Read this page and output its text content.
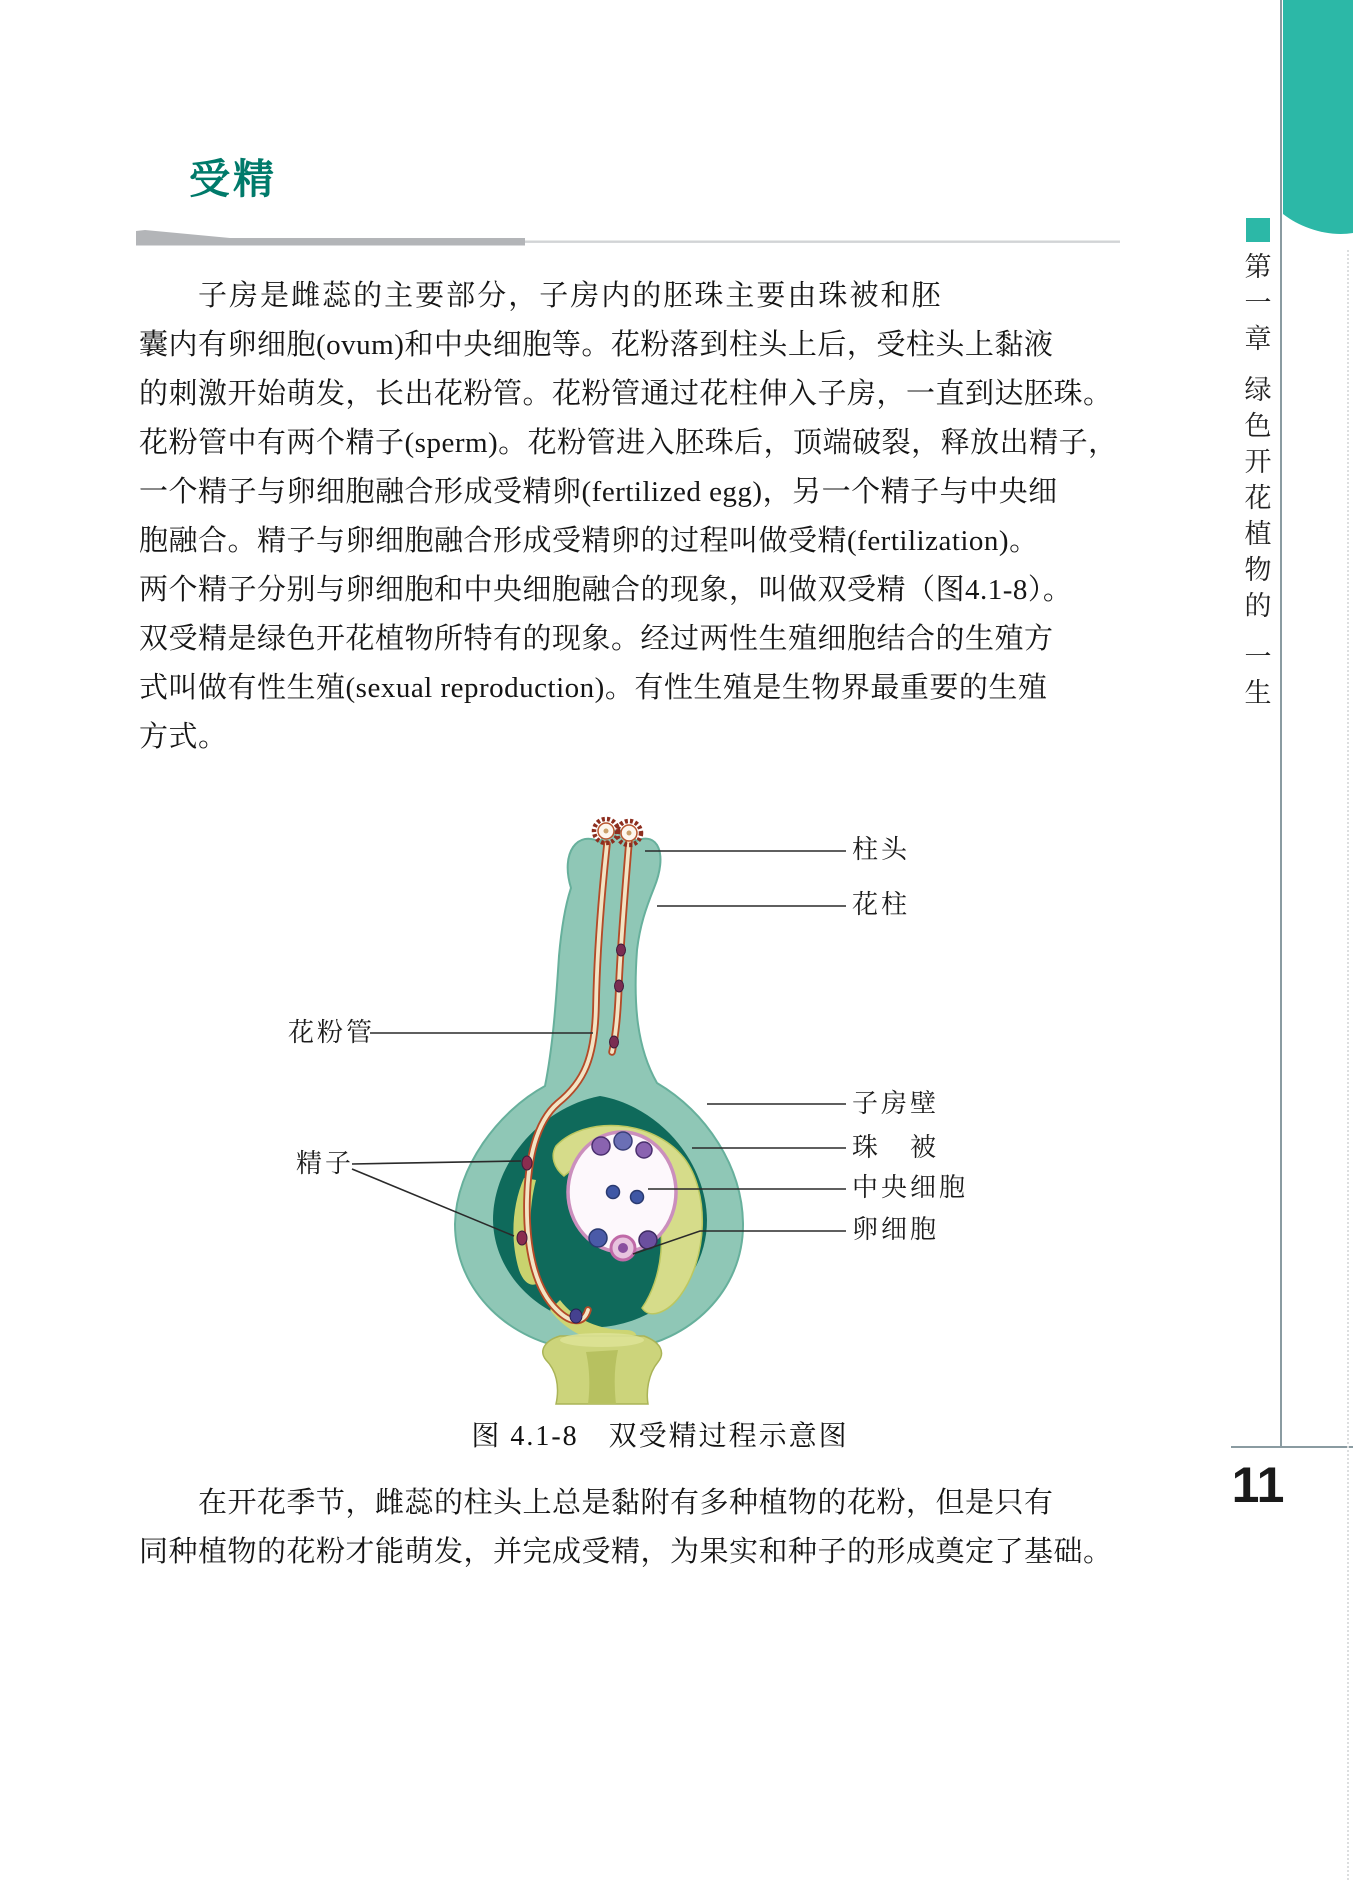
受精
子房是雌蕊的主要部分，子房内的胚珠主要由珠被和胚
囊内有卵细胞(ovum)和中央细胞等。花粉落到柱头上后，受柱头上黏液
的刺激开始萌发，长出花粉管。花粉管通过花柱伸入子房，一直到达胚珠。
花粉管中有两个精子(sperm)。花粉管进入胚珠后，顶端破裂，释放出精子，
一个精子与卵细胞融合形成受精卵(fertilized egg)，另一个精子与中央细
胞融合。精子与卵细胞融合形成受精卵的过程叫做受精(fertilization)。
两个精子分别与卵细胞和中央细胞融合的现象，叫做双受精（图4.1-8）。
双受精是绿色开花植物所特有的现象。经过两性生殖细胞结合的生殖方
式叫做有性生殖(sexual reproduction)。有性生殖是生物界最重要的生殖
方式。
柱头
花柱
子房壁
珠　被
中央细胞
卵细胞
花粉管
精子
图 4.1-8　双受精过程示意图
在开花季节，雌蕊的柱头上总是黏附有多种植物的花粉，但是只有
同种植物的花粉才能萌发，并完成受精，为果实和种子的形成奠定了基础。
第
一
章
绿
色
开
花
植
物
的
一
生
11
